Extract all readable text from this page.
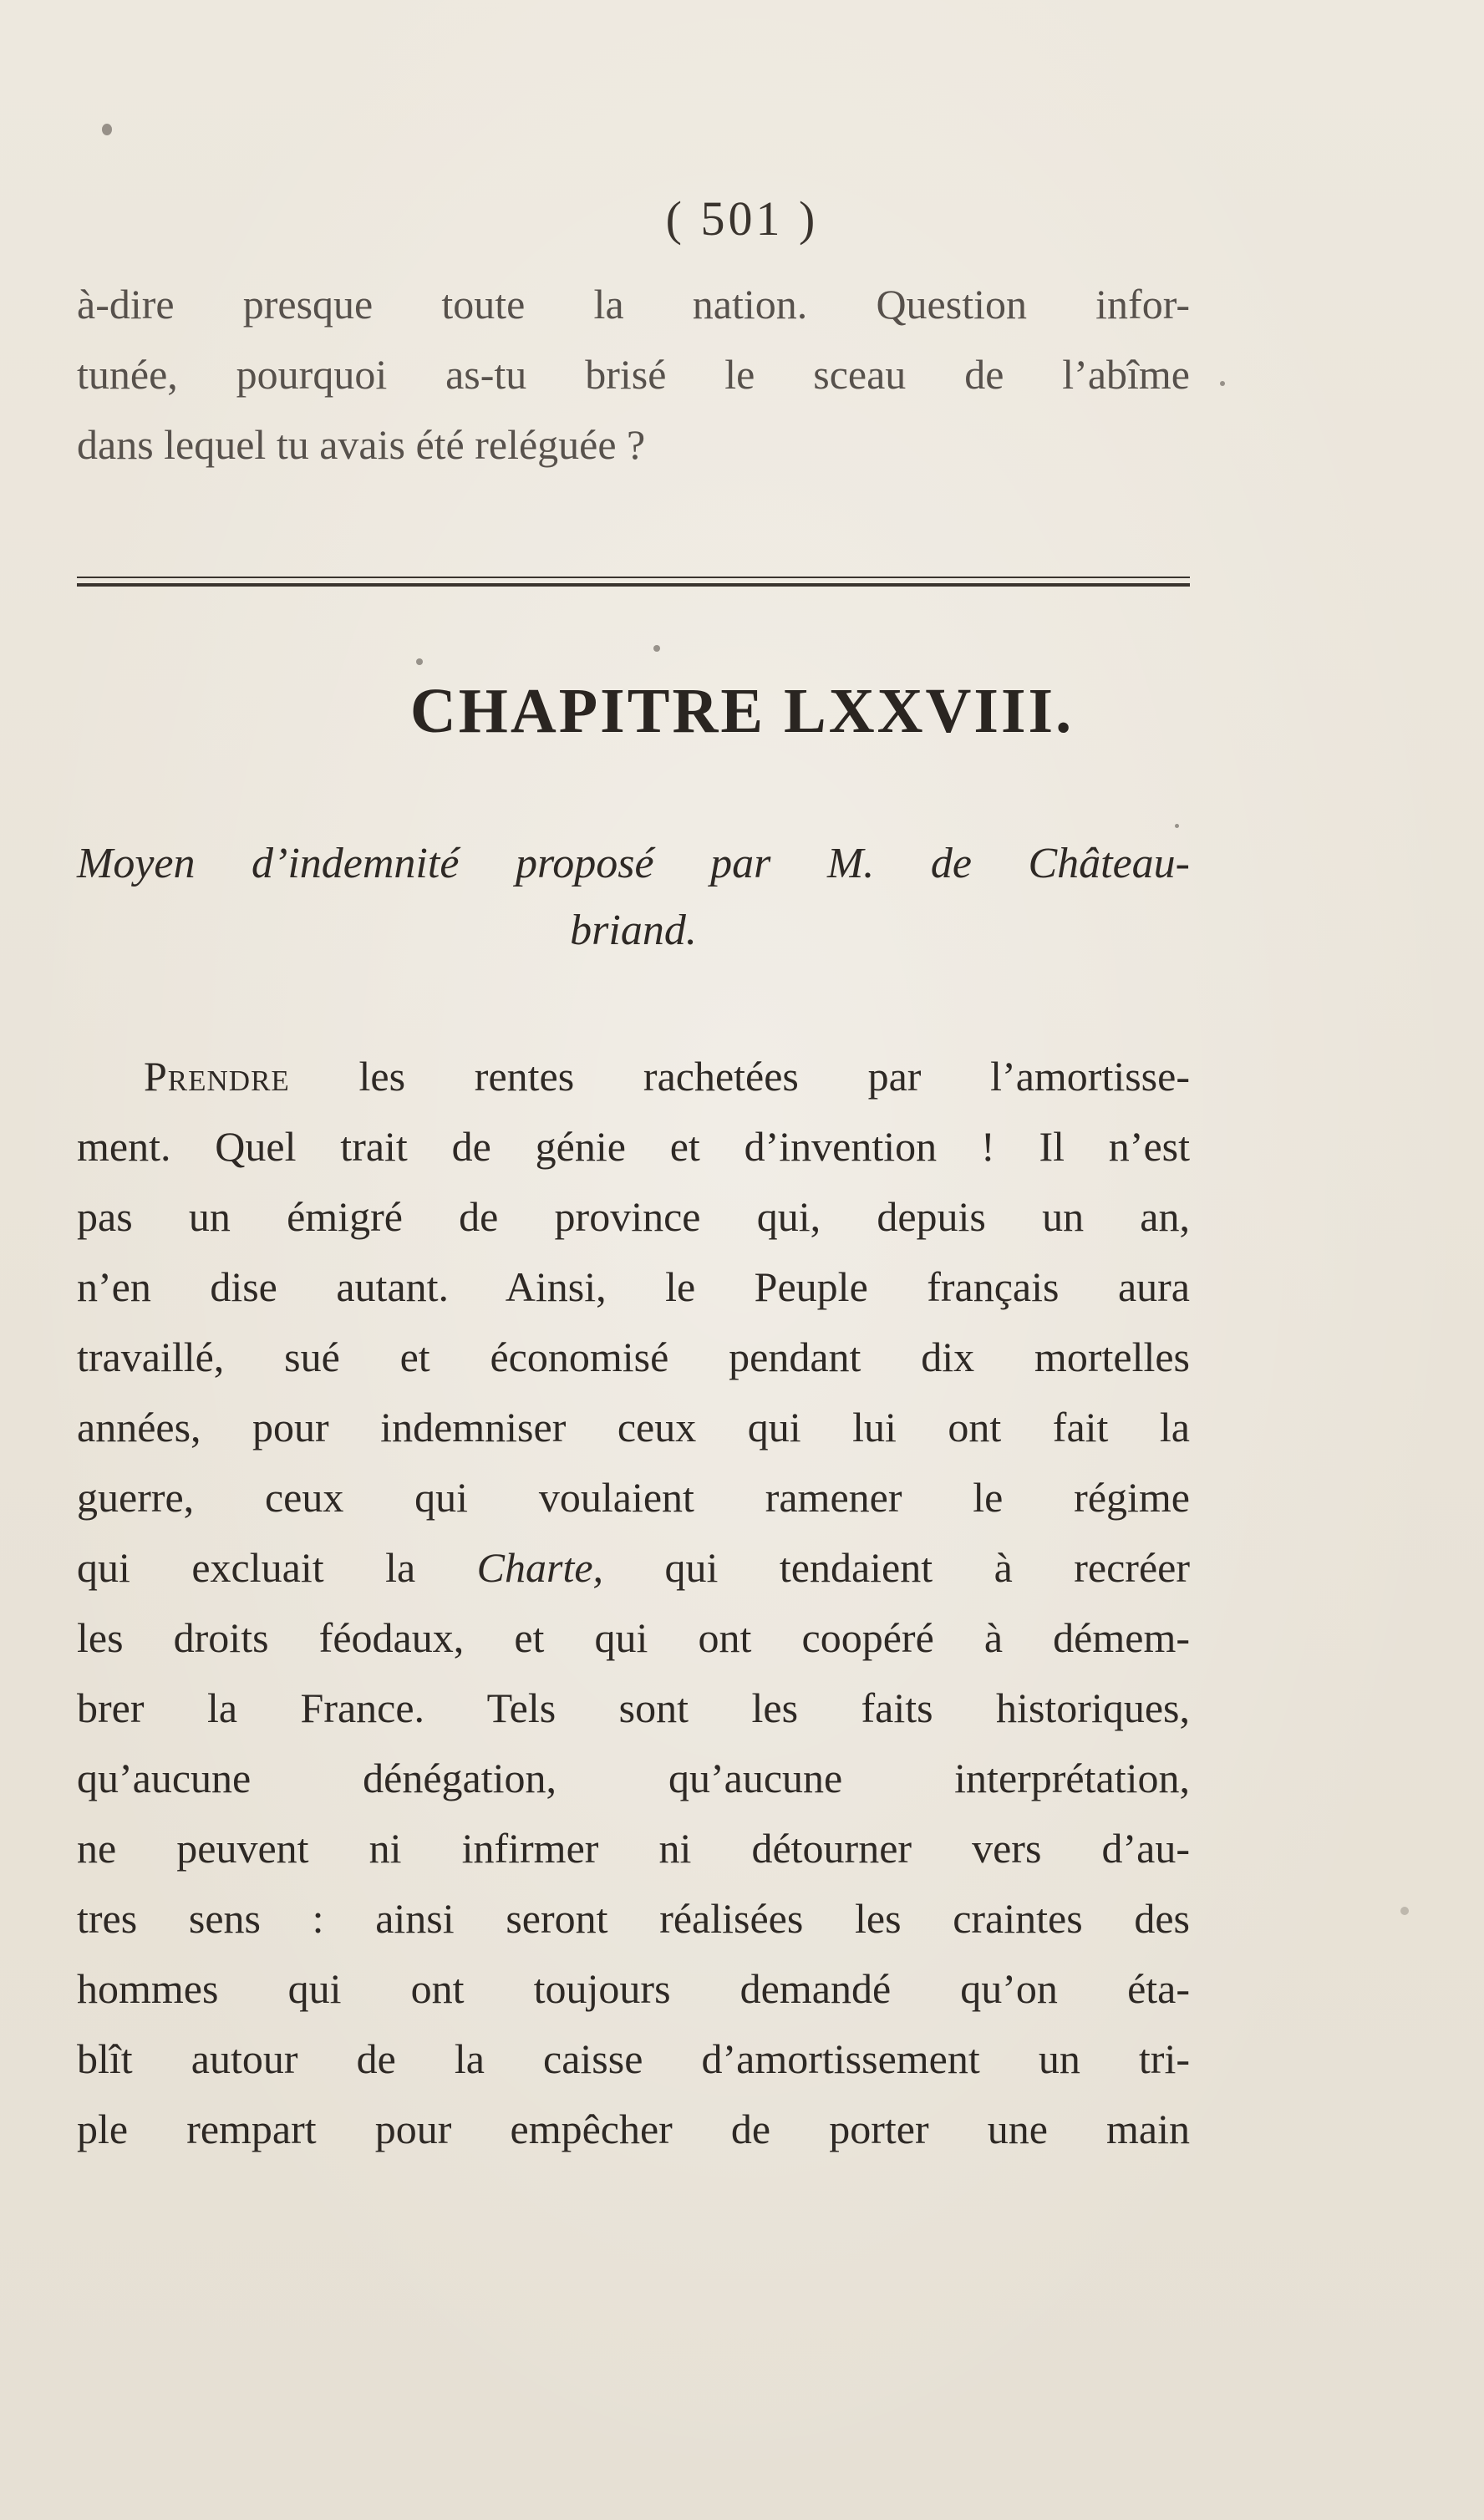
( 501 )
à-dire presque toute la nation. Question infor-
tunée, pourquoi as-tu brisé le sceau de l’abîme
dans lequel tu avais été reléguée ?
CHAPITRE LXXVIII.
Moyen d’indemnité proposé par M. de Château-
briand.
Prendre les rentes rachetées par l’amortisse-
ment. Quel trait de génie et d’invention ! Il n’est
pas un émigré de province qui, depuis un an,
n’en dise autant. Ainsi, le Peuple français aura
travaillé, sué et économisé pendant dix mortelles
années, pour indemniser ceux qui lui ont fait la
guerre, ceux qui voulaient ramener le régime
qui excluait la Charte, qui tendaient à recréer
les droits féodaux, et qui ont coopéré à démem-
brer la France. Tels sont les faits historiques,
qu’aucune dénégation, qu’aucune interprétation,
ne peuvent ni infirmer ni détourner vers d’au-
tres sens : ainsi seront réalisées les craintes des
hommes qui ont toujours demandé qu’on éta-
blît autour de la caisse d’amortissement un tri-
ple rempart pour empêcher de porter une main
